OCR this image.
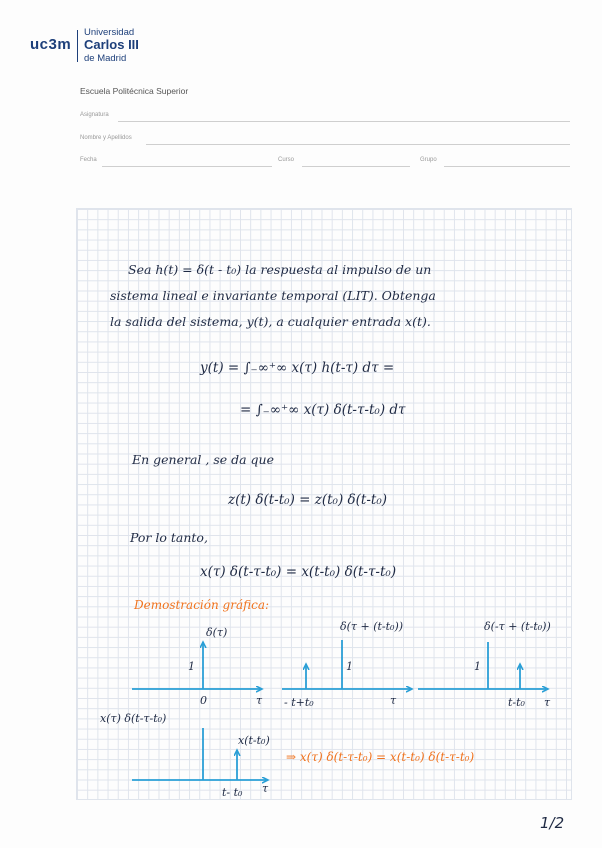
uc3m
Universidad
Carlos III
de Madrid
Escuela Politécnica Superior
Asignatura
Nombre y Apellidos
Fecha	Curso	Grupo
Sea h(t) = δ(t - t₀) la respuesta al impulso de un
sistema lineal e invariante temporal (LIT). Obtenga
la salida del sistema, y(t), a cualquier entrada x(t).
y(t) = ∫₋∞⁺∞ x(τ) h(t-τ) dτ =
= ∫₋∞⁺∞ x(τ) δ(t-τ-t₀) dτ
En general , se da que
z(t) δ(t-t₀) = z(t₀) δ(t-t₀)
Por lo tanto,
x(τ) δ(t-τ-t₀) = x(t-t₀) δ(t-τ-t₀)
Demostración gráfica:
δ(τ)
1
0	τ
δ(τ + (t-t₀))
1
- t+t₀	τ
δ(-τ + (t-t₀))
1
t-t₀ τ
x(τ) δ(t-τ-t₀)
x(t-t₀)
t- t₀ τ
⇒ x(τ) δ(t-τ-t₀) = x(t-t₀) δ(t-τ-t₀)
1/2
